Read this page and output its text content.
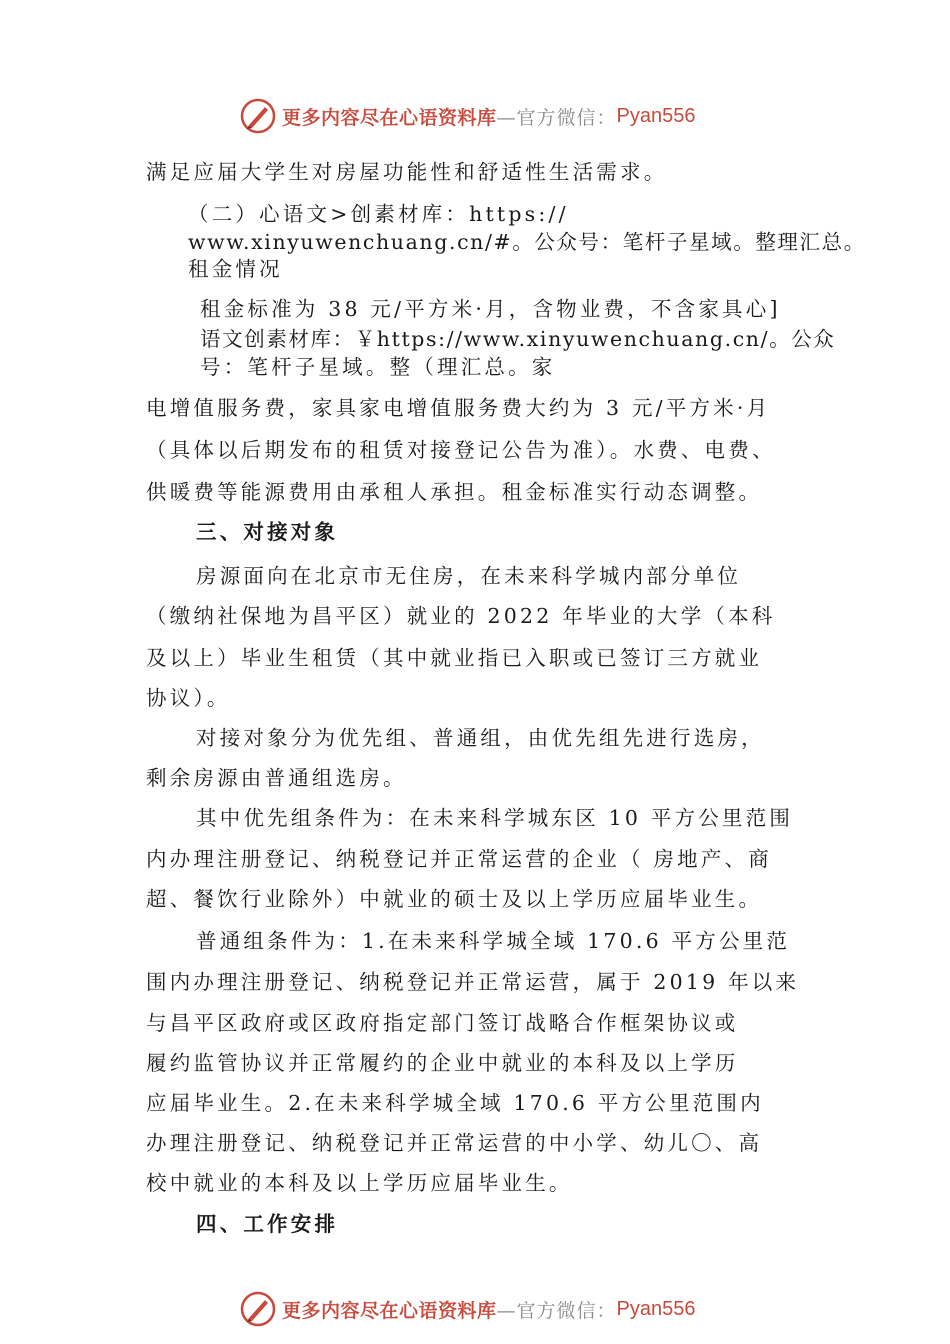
更多内容尽在心语资料库 —官方微信： Pyan556
满足应届大学生对房屋功能性和舒适性生活需求。
（二）心语文>创素材库：https://
www.xinyuwenchuang.cn/#。公众号：笔杆子星域。整理汇总。
租金情况
租金标准为 38 元/平方米·月，含物业费，不含家具心]
语文创素材库：￥https://www.xinyuwenchuang.cn/。公众
号：笔杆子星域。整（理汇总。家
电增值服务费，家具家电增值服务费大约为 3 元/平方米·月
（具体以后期发布的租赁对接登记公告为准）。水费、电费、
供暖费等能源费用由承租人承担。租金标准实行动态调整。
三、对接对象
房源面向在北京市无住房，在未来科学城内部分单位
（缴纳社保地为昌平区）就业的 2022 年毕业的大学（本科
及以上）毕业生租赁（其中就业指已入职或已签订三方就业
协议）。
对接对象分为优先组、普通组，由优先组先进行选房，
剩余房源由普通组选房。
其中优先组条件为：在未来科学城东区 10 平方公里范围
内办理注册登记、纳税登记并正常运营的企业（ 房地产、商
超、餐饮行业除外）中就业的硕士及以上学历应届毕业生。
普通组条件为：1.在未来科学城全域 170.6 平方公里范
围内办理注册登记、纳税登记并正常运营，属于 2019 年以来
与昌平区政府或区政府指定部门签订战略合作框架协议或
履约监管协议并正常履约的企业中就业的本科及以上学历
应届毕业生。2.在未来科学城全域 170.6 平方公里范围内
办理注册登记、纳税登记并正常运营的中小学、幼儿〇、高
校中就业的本科及以上学历应届毕业生。
四、工作安排
更多内容尽在心语资料库 —官方微信： Pyan556
